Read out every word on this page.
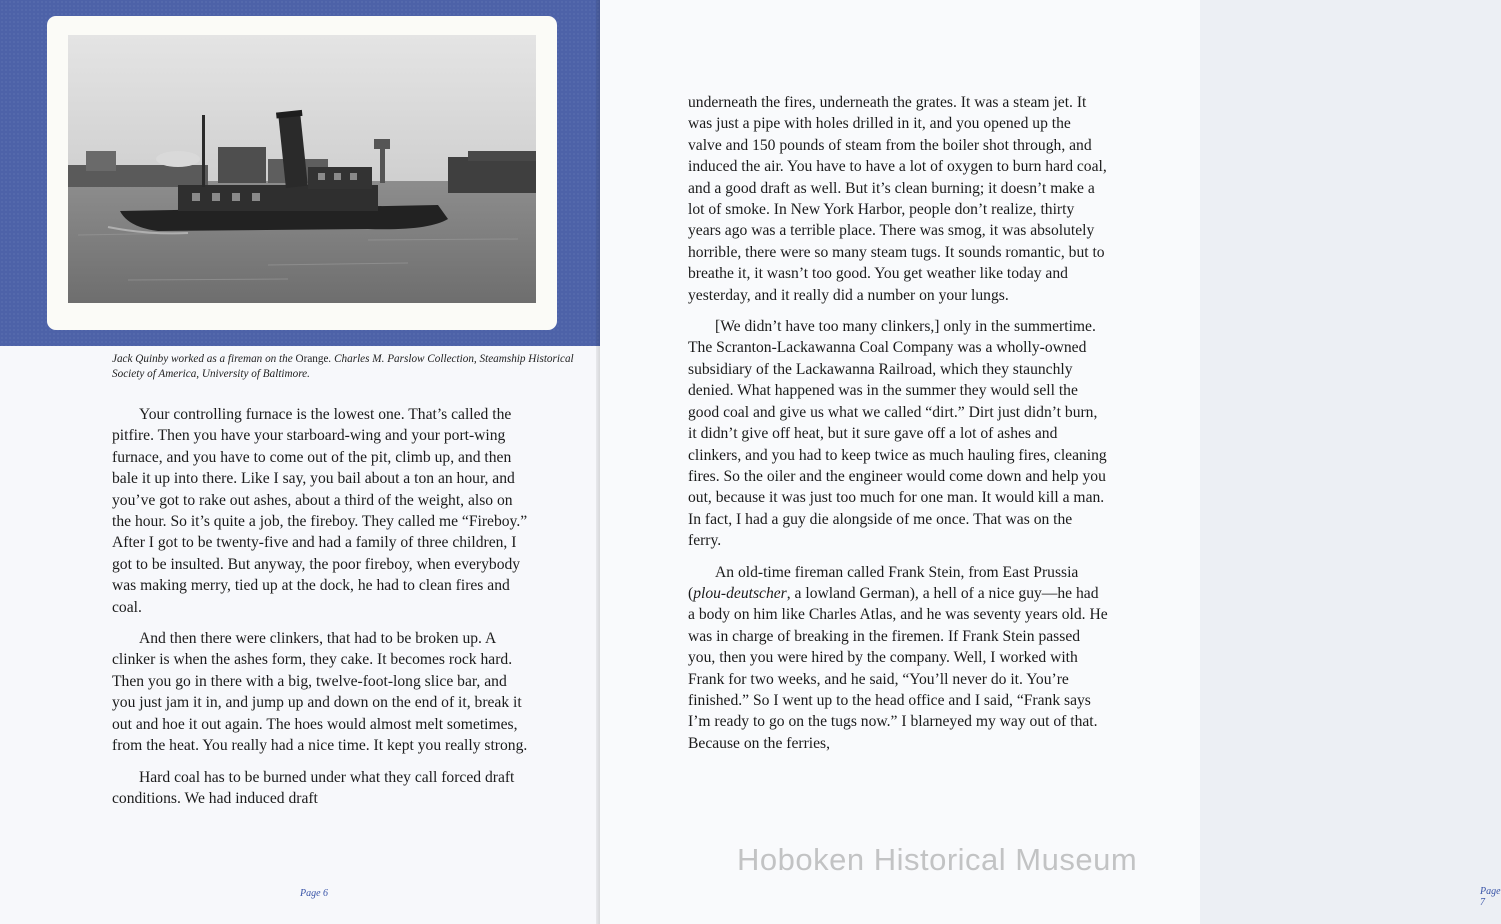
Jack Quinby worked as a fireman on the Orange. Charles M. Parslow Collection, Steamship Historical Society of America, University of Baltimore.

Your controlling furnace is the lowest one. That’s called the pitfire. Then you have your starboard-wing and your port-wing furnace, and you have to come out of the pit, climb up, and then bale it up into there. Like I say, you bail about a ton an hour, and you’ve got to rake out ashes, about a third of the weight, also on the hour. So it’s quite a job, the fireboy. They called me “Fireboy.” After I got to be twenty-five and had a family of three children, I got to be insulted. But anyway, the poor fireboy, when everybody was making merry, tied up at the dock, he had to clean fires and coal.

And then there were clinkers, that had to be broken up. A clinker is when the ashes form, they cake. It becomes rock hard. Then you go in there with a big, twelve-foot-long slice bar, and you just jam it in, and jump up and down on the end of it, break it out and hoe it out again. The hoes would almost melt sometimes, from the heat. You really had a nice time. It kept you really strong.

Hard coal has to be burned under what they call forced draft conditions. We had induced draft

Page 6	Page 7

underneath the fires, underneath the grates. It was a steam jet. It was just a pipe with holes drilled in it, and you opened up the valve and 150 pounds of steam from the boiler shot through, and induced the air. You have to have a lot of oxygen to burn hard coal, and a good draft as well. But it’s clean burning; it doesn’t make a lot of smoke. In New York Harbor, people don’t realize, thirty years ago was a terrible place. There was smog, it was absolutely horrible, there were so many steam tugs. It sounds romantic, but to breathe it, it wasn’t too good. You get weather like today and yesterday, and it really did a number on your lungs.

[We didn’t have too many clinkers,] only in the summertime. The Scranton-Lackawanna Coal Company was a wholly-owned subsidiary of the Lackawanna Railroad, which they staunchly denied. What happened was in the summer they would sell the good coal and give us what we called “dirt.” Dirt just didn’t burn, it didn’t give off heat, but it sure gave off a lot of ashes and clinkers, and you had to keep twice as much hauling fires, cleaning fires. So the oiler and the engineer would come down and help you out, because it was just too much for one man. It would kill a man. In fact, I had a guy die alongside of me once. That was on the ferry.

An old-time fireman called Frank Stein, from East Prussia (plou-deutscher, a lowland German), a hell of a nice guy—he had a body on him like Charles Atlas, and he was seventy years old. He was in charge of breaking in the firemen. If Frank Stein passed you, then you were hired by the company. Well, I worked with Frank for two weeks, and he said, “You’ll never do it. You’re finished.” So I went up to the head office and I said, “Frank says I’m ready to go on the tugs now.” I blarneyed my way out of that. Because on the ferries,

Hoboken Historical Museum
